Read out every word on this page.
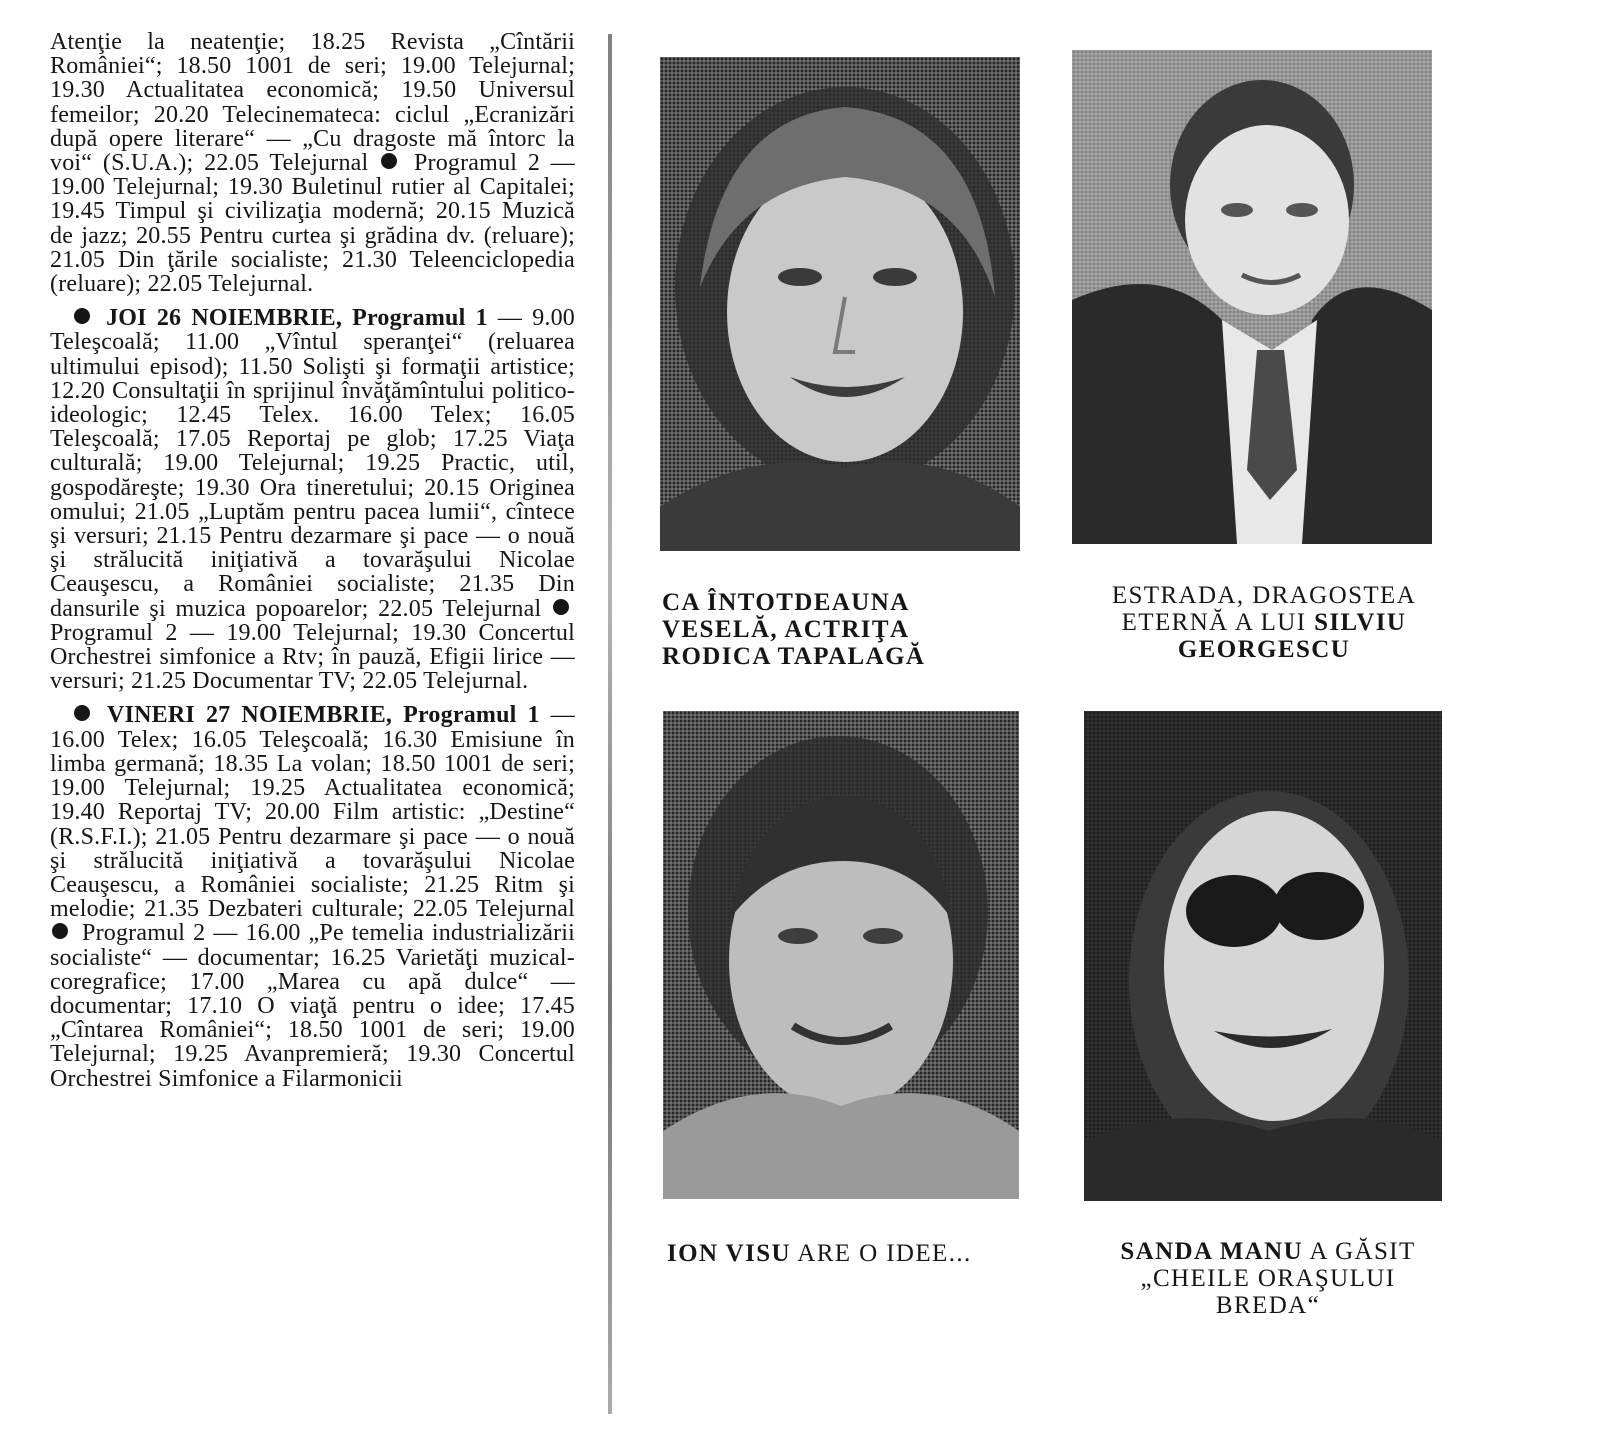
Atenţie la neatenţie; 18.25 Revista „Cîntării României“; 18.50 1001 de seri; 19.00 Telejurnal; 19.30 Actualitatea economică; 19.50 Universul femeilor; 20.20 Telecinemateca: ciclul „Ecranizări după opere literare“ — „Cu dragoste mă întorc la voi“ (S.U.A.); 22.05 Telejurnal Programul 2 — 19.00 Telejurnal; 19.30 Buletinul rutier al Capitalei; 19.45 Timpul şi civilizaţia modernă; 20.15 Muzică de jazz; 20.55 Pentru curtea şi grădina dv. (reluare); 21.05 Din ţările socialiste; 21.30 Teleenciclopedia (reluare); 22.05 Telejurnal.

JOI 26 NOIEMBRIE, Programul 1 — 9.00 Teleşcoală; 11.00 „Vîntul speranţei“ (reluarea ultimului episod); 11.50 Solişti şi formaţii artistice; 12.20 Consultaţii în sprijinul învăţămîntului politico-ideologic; 12.45 Telex. 16.00 Telex; 16.05 Teleşcoală; 17.05 Reportaj pe glob; 17.25 Viaţa culturală; 19.00 Telejurnal; 19.25 Practic, util, gospodăreşte; 19.30 Ora tineretului; 20.15 Originea omului; 21.05 „Luptăm pentru pacea lumii“, cîntece şi versuri; 21.15 Pentru dezarmare şi pace — o nouă şi strălucită iniţiativă a tovarăşului Nicolae Ceauşescu, a României socialiste; 21.35 Din dansurile şi muzica popoarelor; 22.05 Telejurnal  Programul 2 — 19.00 Telejurnal; 19.30 Concertul Orchestrei simfonice a Rtv; în pauză, Efigii lirice — versuri; 21.25 Documentar TV; 22.05 Telejurnal.

VINERI 27 NOIEMBRIE, Programul 1 — 16.00 Telex; 16.05 Teleşcoală; 16.30 Emisiune în limba germană; 18.35 La volan; 18.50 1001 de seri; 19.00 Telejurnal; 19.25 Actualitatea economică; 19.40 Reportaj TV; 20.00 Film artistic: „Destine“ (R.S.F.I.); 21.05 Pentru dezarmare şi pace — o nouă şi strălucită iniţiativă a tovarăşului Nicolae Ceauşescu, a României socialiste; 21.25 Ritm şi melodie; 21.35 Dezbateri culturale; 22.05 Telejurnal  Programul 2 — 16.00 „Pe temelia industrializării socialiste“ — documentar; 16.25 Varietăţi muzical-coregrafice; 17.00 „Marea cu apă dulce“ — documentar; 17.10 O viaţă pentru o idee; 17.45 „Cîntarea României“; 18.50 1001 de seri; 19.00 Telejurnal; 19.25 Avanpremieră; 19.30 Concertul Orchestrei Simfonice a Filarmonicii

CA ÎNTOTDEAUNA VESELĂ, ACTRIŢA RODICA TAPALAGĂ
ESTRADA, DRAGOSTEA ETERNĂ A LUI SILVIU GEORGESCU
ION VISU ARE O IDEE...	SANDA MANU A GĂSIT „CHEILE ORAŞULUI BREDA“
